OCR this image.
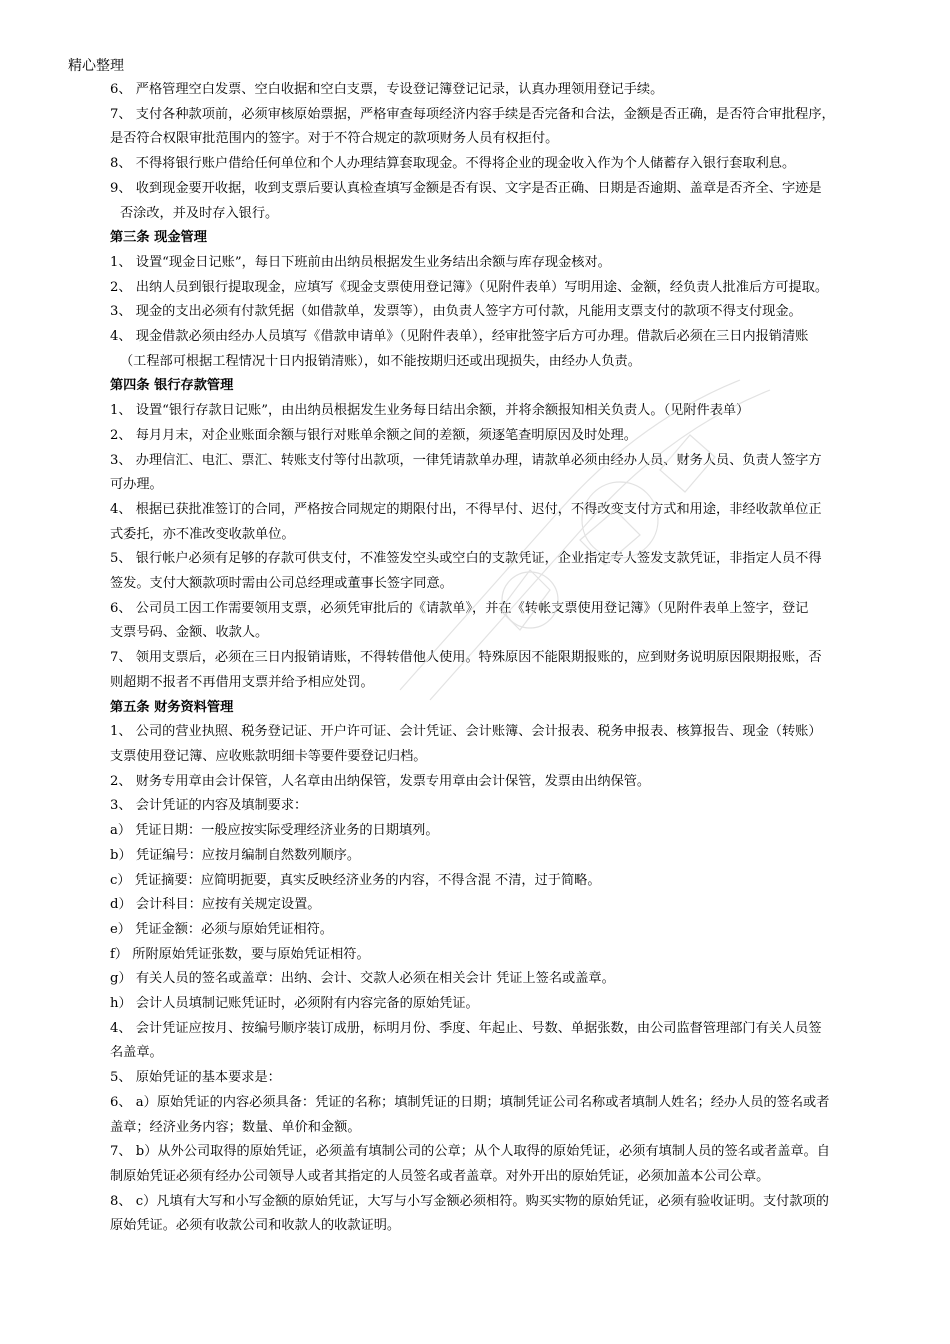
精心整理
6、 严格管理空白发票、空白收据和空白支票，专设登记簿登记记录，认真办理领用登记手续。
7、 支付各种款项前，必须审核原始票据，严格审查每项经济内容手续是否完备和合法，金额是否正确，是否符合审批程序，
是否符合权限审批范围内的签字。对于不符合规定的款项财务人员有权拒付。
8、 不得将银行账户借给任何单位和个人办理结算套取现金。不得将企业的现金收入作为个人储蓄存入银行套取利息。
9、 收到现金要开收据，收到支票后要认真检查填写金额是否有误、文字是否正确、日期是否逾期、盖章是否齐全、字迹是
否涂改，并及时存入银行。
第三条 现金管理
1、 设置“现金日记账”，每日下班前由出纳员根据发生业务结出余额与库存现金核对。
2、 出纳人员到银行提取现金，应填写《现金支票使用登记簿》（见附件表单）写明用途、金额，经负责人批准后方可提取。
3、 现金的支出必须有付款凭据（如借款单，发票等），由负责人签字方可付款，凡能用支票支付的款项不得支付现金。
4、 现金借款必须由经办人员填写《借款申请单》（见附件表单），经审批签字后方可办理。借款后必须在三日内报销清账
（工程部可根据工程情况十日内报销清账），如不能按期归还或出现损失，由经办人负责。
第四条 银行存款管理
1、 设置“银行存款日记账”，由出纳员根据发生业务每日结出余额，并将余额报知相关负责人。（见附件表单）
2、 每月月末，对企业账面余额与银行对账单余额之间的差额，须逐笔查明原因及时处理。
3、 办理信汇、电汇、票汇、转账支付等付出款项，一律凭请款单办理，请款单必须由经办人员、财务人员、负责人签字方
可办理。
4、 根据已获批准签订的合同，严格按合同规定的期限付出，不得早付、迟付，不得改变支付方式和用途，非经收款单位正
式委托，亦不准改变收款单位。
5、 银行帐户必须有足够的存款可供支付，不准签发空头或空白的支款凭证，企业指定专人签发支款凭证，非指定人员不得
签发。支付大额款项时需由公司总经理或董事长签字同意。
6、 公司员工因工作需要领用支票，必须凭审批后的《请款单》，并在《转帐支票使用登记簿》（见附件表单上签字，登记
支票号码、金额、收款人。
7、 领用支票后，必须在三日内报销请账，不得转借他人使用。特殊原因不能限期报账的，应到财务说明原因限期报账，否
则超期不报者不再借用支票并给予相应处罚。
第五条 财务资料管理
1、 公司的营业执照、税务登记证、开户许可证、会计凭证、会计账簿、会计报表、税务申报表、核算报告、现金（转账）
支票使用登记簿、应收账款明细卡等要件要登记归档。
2、 财务专用章由会计保管，人名章由出纳保管，发票专用章由会计保管，发票由出纳保管。
3、 会计凭证的内容及填制要求：
a） 凭证日期：一般应按实际受理经济业务的日期填列。
b） 凭证编号：应按月编制自然数列顺序。
c） 凭证摘要：应简明扼要，真实反映经济业务的内容，不得含混 不清，过于简略。
d） 会计科目：应按有关规定设置。
e） 凭证金额：必须与原始凭证相符。
f） 所附原始凭证张数，要与原始凭证相符。
g） 有关人员的签名或盖章：出纳、会计、交款人必须在相关会计 凭证上签名或盖章。
h） 会计人员填制记账凭证时，必须附有内容完备的原始凭证。
4、 会计凭证应按月、按编号顺序装订成册，标明月份、季度、年起止、号数、单据张数，由公司监督管理部门有关人员签
名盖章。
5、 原始凭证的基本要求是：
6、 a）原始凭证的内容必须具备：凭证的名称；填制凭证的日期；填制凭证公司名称或者填制人姓名；经办人员的签名或者
盖章；经济业务内容；数量、单价和金额。
7、 b）从外公司取得的原始凭证，必须盖有填制公司的公章；从个人取得的原始凭证，必须有填制人员的签名或者盖章。自
制原始凭证必须有经办公司领导人或者其指定的人员签名或者盖章。对外开出的原始凭证，必须加盖本公司公章。
8、 c）凡填有大写和小写金额的原始凭证，大写与小写金额必须相符。购买实物的原始凭证，必须有验收证明。支付款项的
原始凭证。必须有收款公司和收款人的收款证明。
